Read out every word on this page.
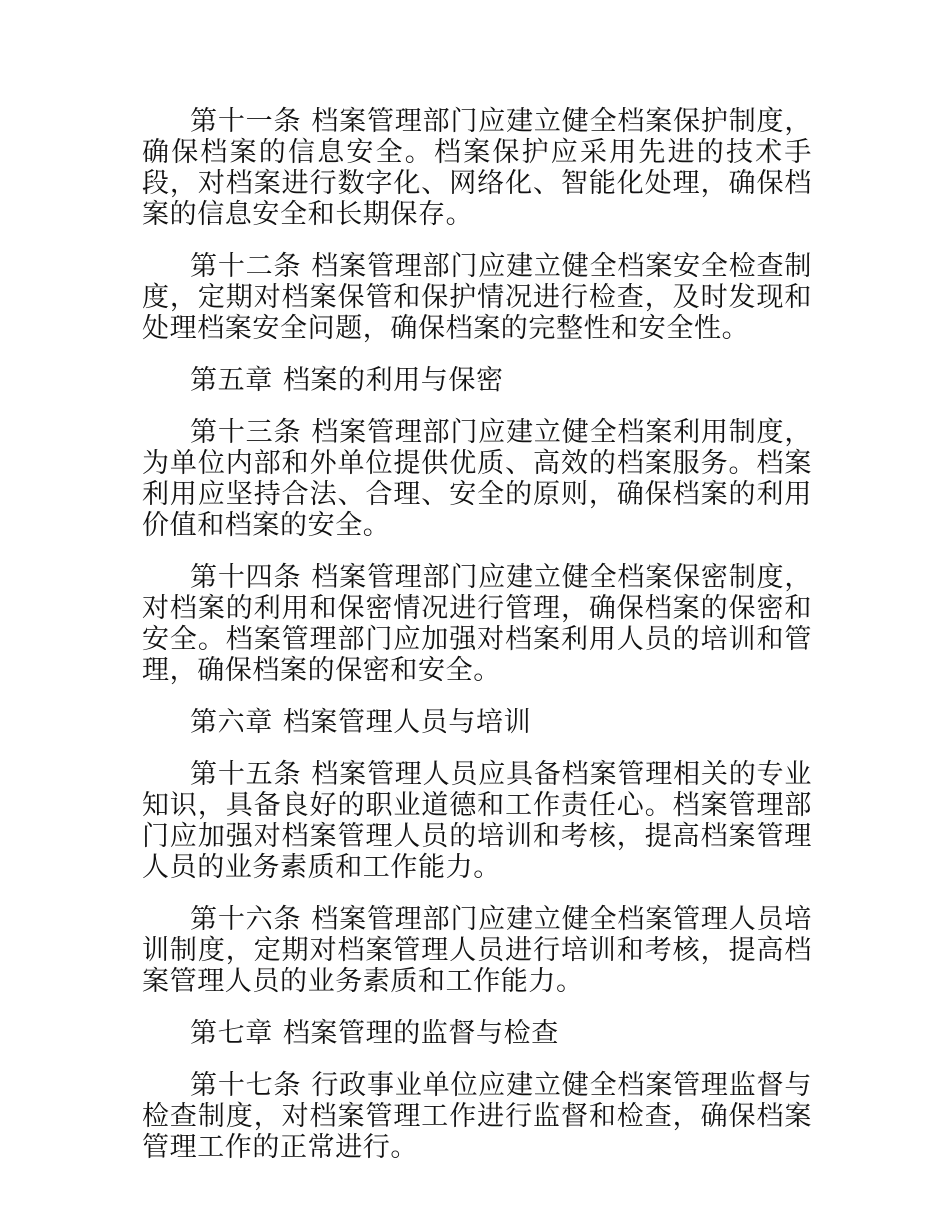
第十一条 档案管理部门应建立健全档案保护制度，确保档案的信息安全。档案保护应采用先进的技术手段，对档案进行数字化、网络化、智能化处理，确保档案的信息安全和长期保存。

第十二条 档案管理部门应建立健全档案安全检查制度，定期对档案保管和保护情况进行检查，及时发现和处理档案安全问题，确保档案的完整性和安全性。

第五章 档案的利用与保密

第十三条 档案管理部门应建立健全档案利用制度，为单位内部和外单位提供优质、高效的档案服务。档案利用应坚持合法、合理、安全的原则，确保档案的利用价值和档案的安全。

第十四条 档案管理部门应建立健全档案保密制度，对档案的利用和保密情况进行管理，确保档案的保密和安全。档案管理部门应加强对档案利用人员的培训和管理，确保档案的保密和安全。

第六章 档案管理人员与培训

第十五条 档案管理人员应具备档案管理相关的专业知识，具备良好的职业道德和工作责任心。档案管理部门应加强对档案管理人员的培训和考核，提高档案管理人员的业务素质和工作能力。

第十六条 档案管理部门应建立健全档案管理人员培训制度，定期对档案管理人员进行培训和考核，提高档案管理人员的业务素质和工作能力。

第七章 档案管理的监督与检查

第十七条 行政事业单位应建立健全档案管理监督与检查制度，对档案管理工作进行监督和检查，确保档案管理工作的正常进行。
